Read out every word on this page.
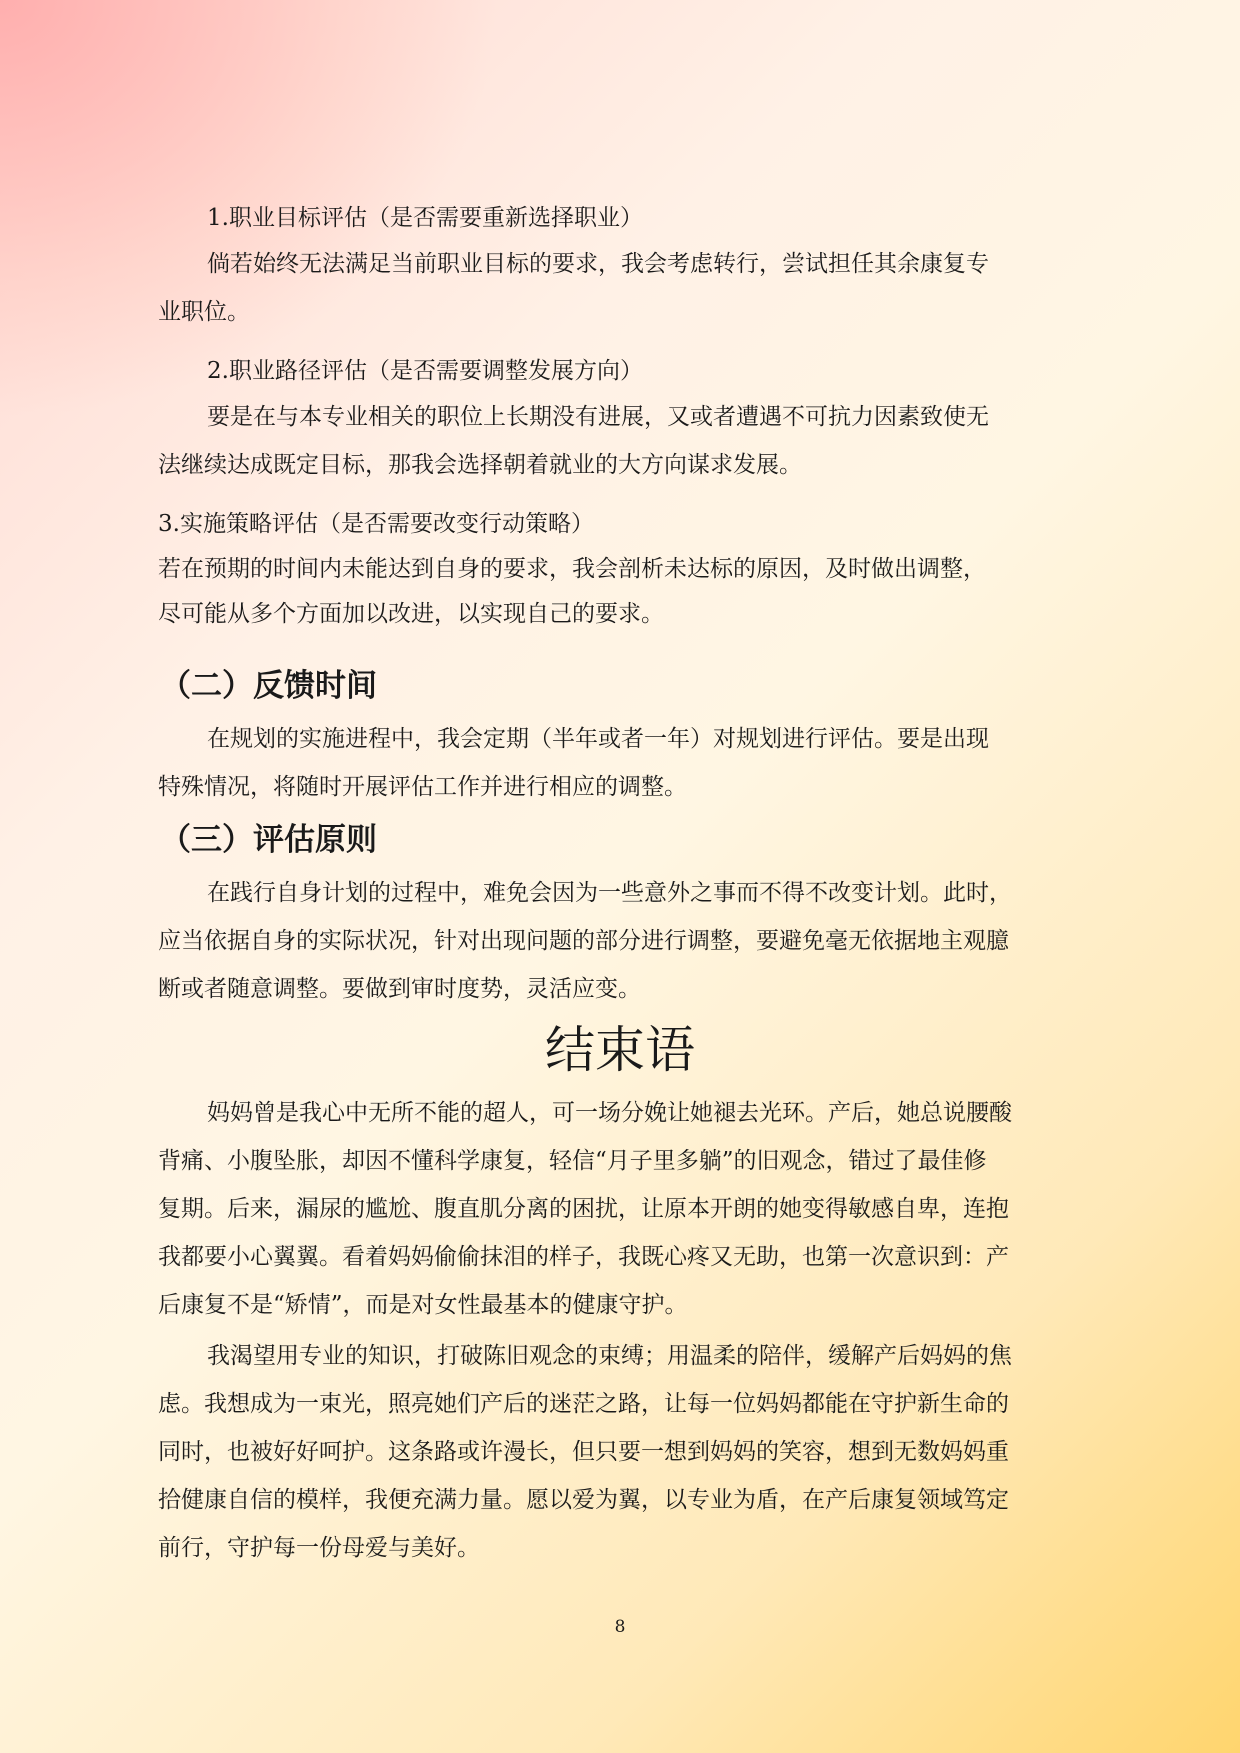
1.职业目标评估（是否需要重新选择职业）
倘若始终无法满足当前职业目标的要求，我会考虑转行，尝试担任其余康复专
业职位。
2.职业路径评估（是否需要调整发展方向）
要是在与本专业相关的职位上长期没有进展，又或者遭遇不可抗力因素致使无
法继续达成既定目标，那我会选择朝着就业的大方向谋求发展。
3.实施策略评估（是否需要改变行动策略）
若在预期的时间内未能达到自身的要求，我会剖析未达标的原因，及时做出调整，
尽可能从多个方面加以改进，以实现自己的要求。
（二）反馈时间
在规划的实施进程中，我会定期（半年或者一年）对规划进行评估。要是出现
特殊情况，将随时开展评估工作并进行相应的调整。
（三）评估原则
在践行自身计划的过程中，难免会因为一些意外之事而不得不改变计划。此时，
应当依据自身的实际状况，针对出现问题的部分进行调整，要避免毫无依据地主观臆
断或者随意调整。要做到审时度势，灵活应变。
结束语
妈妈曾是我心中无所不能的超人，可一场分娩让她褪去光环。产后，她总说腰酸
背痛、小腹坠胀，却因不懂科学康复，轻信“月子里多躺”的旧观念，错过了最佳修
复期。后来，漏尿的尴尬、腹直肌分离的困扰，让原本开朗的她变得敏感自卑，连抱
我都要小心翼翼。看着妈妈偷偷抹泪的样子，我既心疼又无助，也第一次意识到：产
后康复不是“矫情”，而是对女性最基本的健康守护。
我渴望用专业的知识，打破陈旧观念的束缚；用温柔的陪伴，缓解产后妈妈的焦
虑。我想成为一束光，照亮她们产后的迷茫之路，让每一位妈妈都能在守护新生命的
同时，也被好好呵护。这条路或许漫长，但只要一想到妈妈的笑容，想到无数妈妈重
拾健康自信的模样，我便充满力量。愿以爱为翼，以专业为盾，在产后康复领域笃定
前行，守护每一份母爱与美好。
8
